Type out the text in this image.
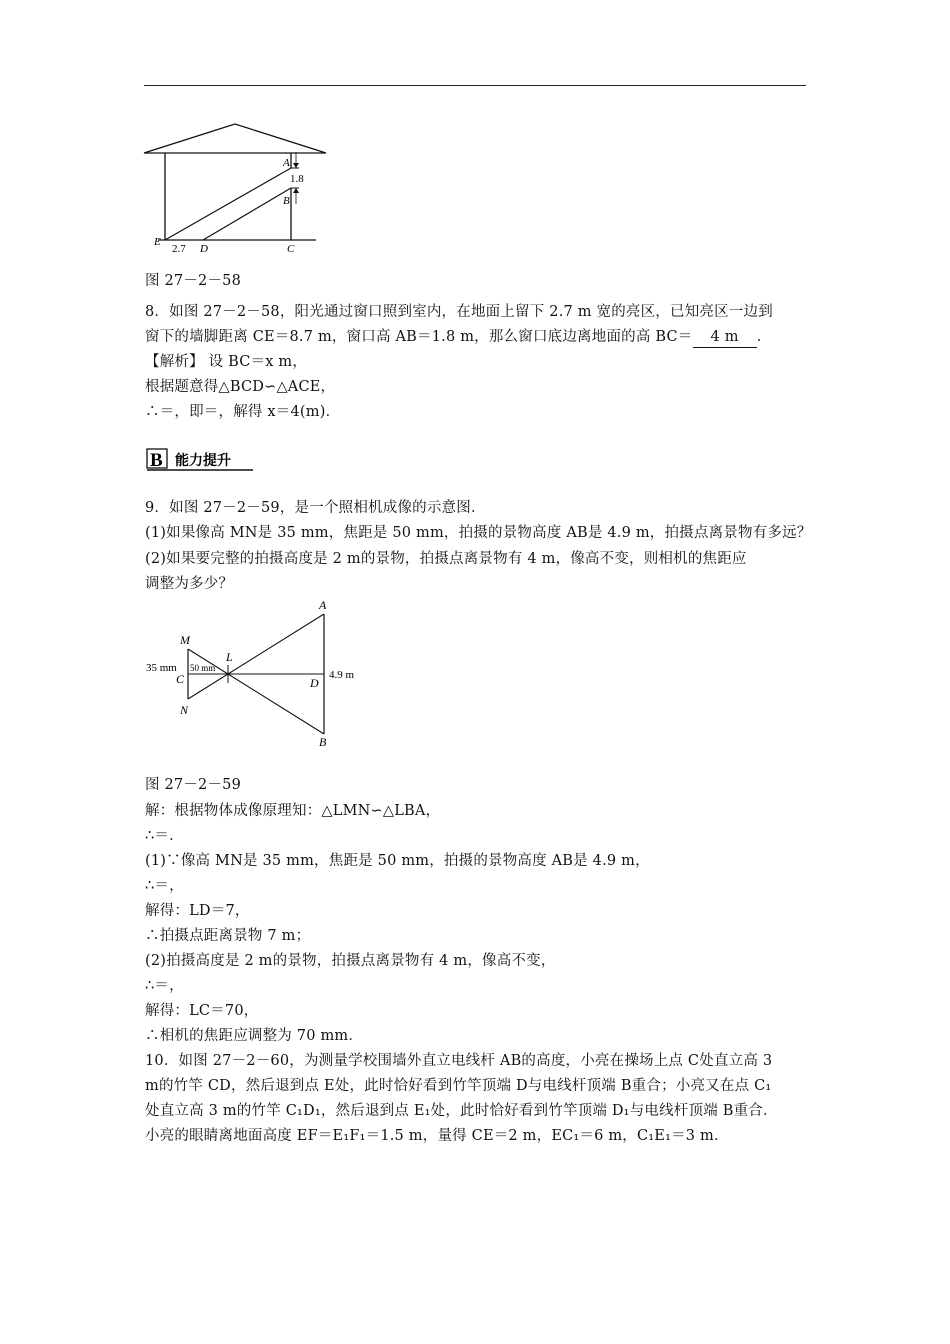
A
1.8
B
E
2.7 D	C
图 27－2－58
8．如图 27－2－58，阳光通过窗口照到室内，在地面上留下 2.7 m 宽的亮区，已知亮区一边到
窗下的墙脚距离 CE＝8.7 m，窗口高 AB＝1.8 m，那么窗口底边离地面的高 BC＝ 4 m ．
【解析】 设 BC＝x m，
根据题意得△BCD∽△ACE，
∴＝，即＝，解得 x＝4(m)．
B 能力提升
9．如图 27－2－59，是一个照相机成像的示意图．
(1)如果像高 MN是 35 mm，焦距是 50 mm，拍摄的景物高度 AB是 4.9 m，拍摄点离景物有多远？
(2)如果要完整的拍摄高度是 2 m的景物，拍摄点离景物有 4 m，像高不变，则相机的焦距应
调整为多少？
M
N
C
L
D
A
B
35 mm 50 mm
4.9 m
图 27－2－59
解：根据物体成像原理知：△LMN∽△LBA，
∴＝．
(1)∵像高 MN是 35 mm，焦距是 50 mm，拍摄的景物高度 AB是 4.9 m，
∴＝，
解得：LD＝7，
∴拍摄点距离景物 7 m；
(2)拍摄高度是 2 m的景物，拍摄点离景物有 4 m，像高不变，
∴＝，
解得：LC＝70，
∴相机的焦距应调整为 70 mm．
10．如图 27－2－60，为测量学校围墙外直立电线杆 AB的高度，小亮在操场上点 C处直立高 3
m的竹竿 CD，然后退到点 E处，此时恰好看到竹竿顶端 D与电线杆顶端 B重合；小亮又在点 C₁
处直立高 3 m的竹竿 C₁D₁，然后退到点 E₁处，此时恰好看到竹竿顶端 D₁与电线杆顶端 B重合．
小亮的眼睛离地面高度 EF＝E₁F₁＝1.5 m，量得 CE＝2 m，EC₁＝6 m，C₁E₁＝3 m．
